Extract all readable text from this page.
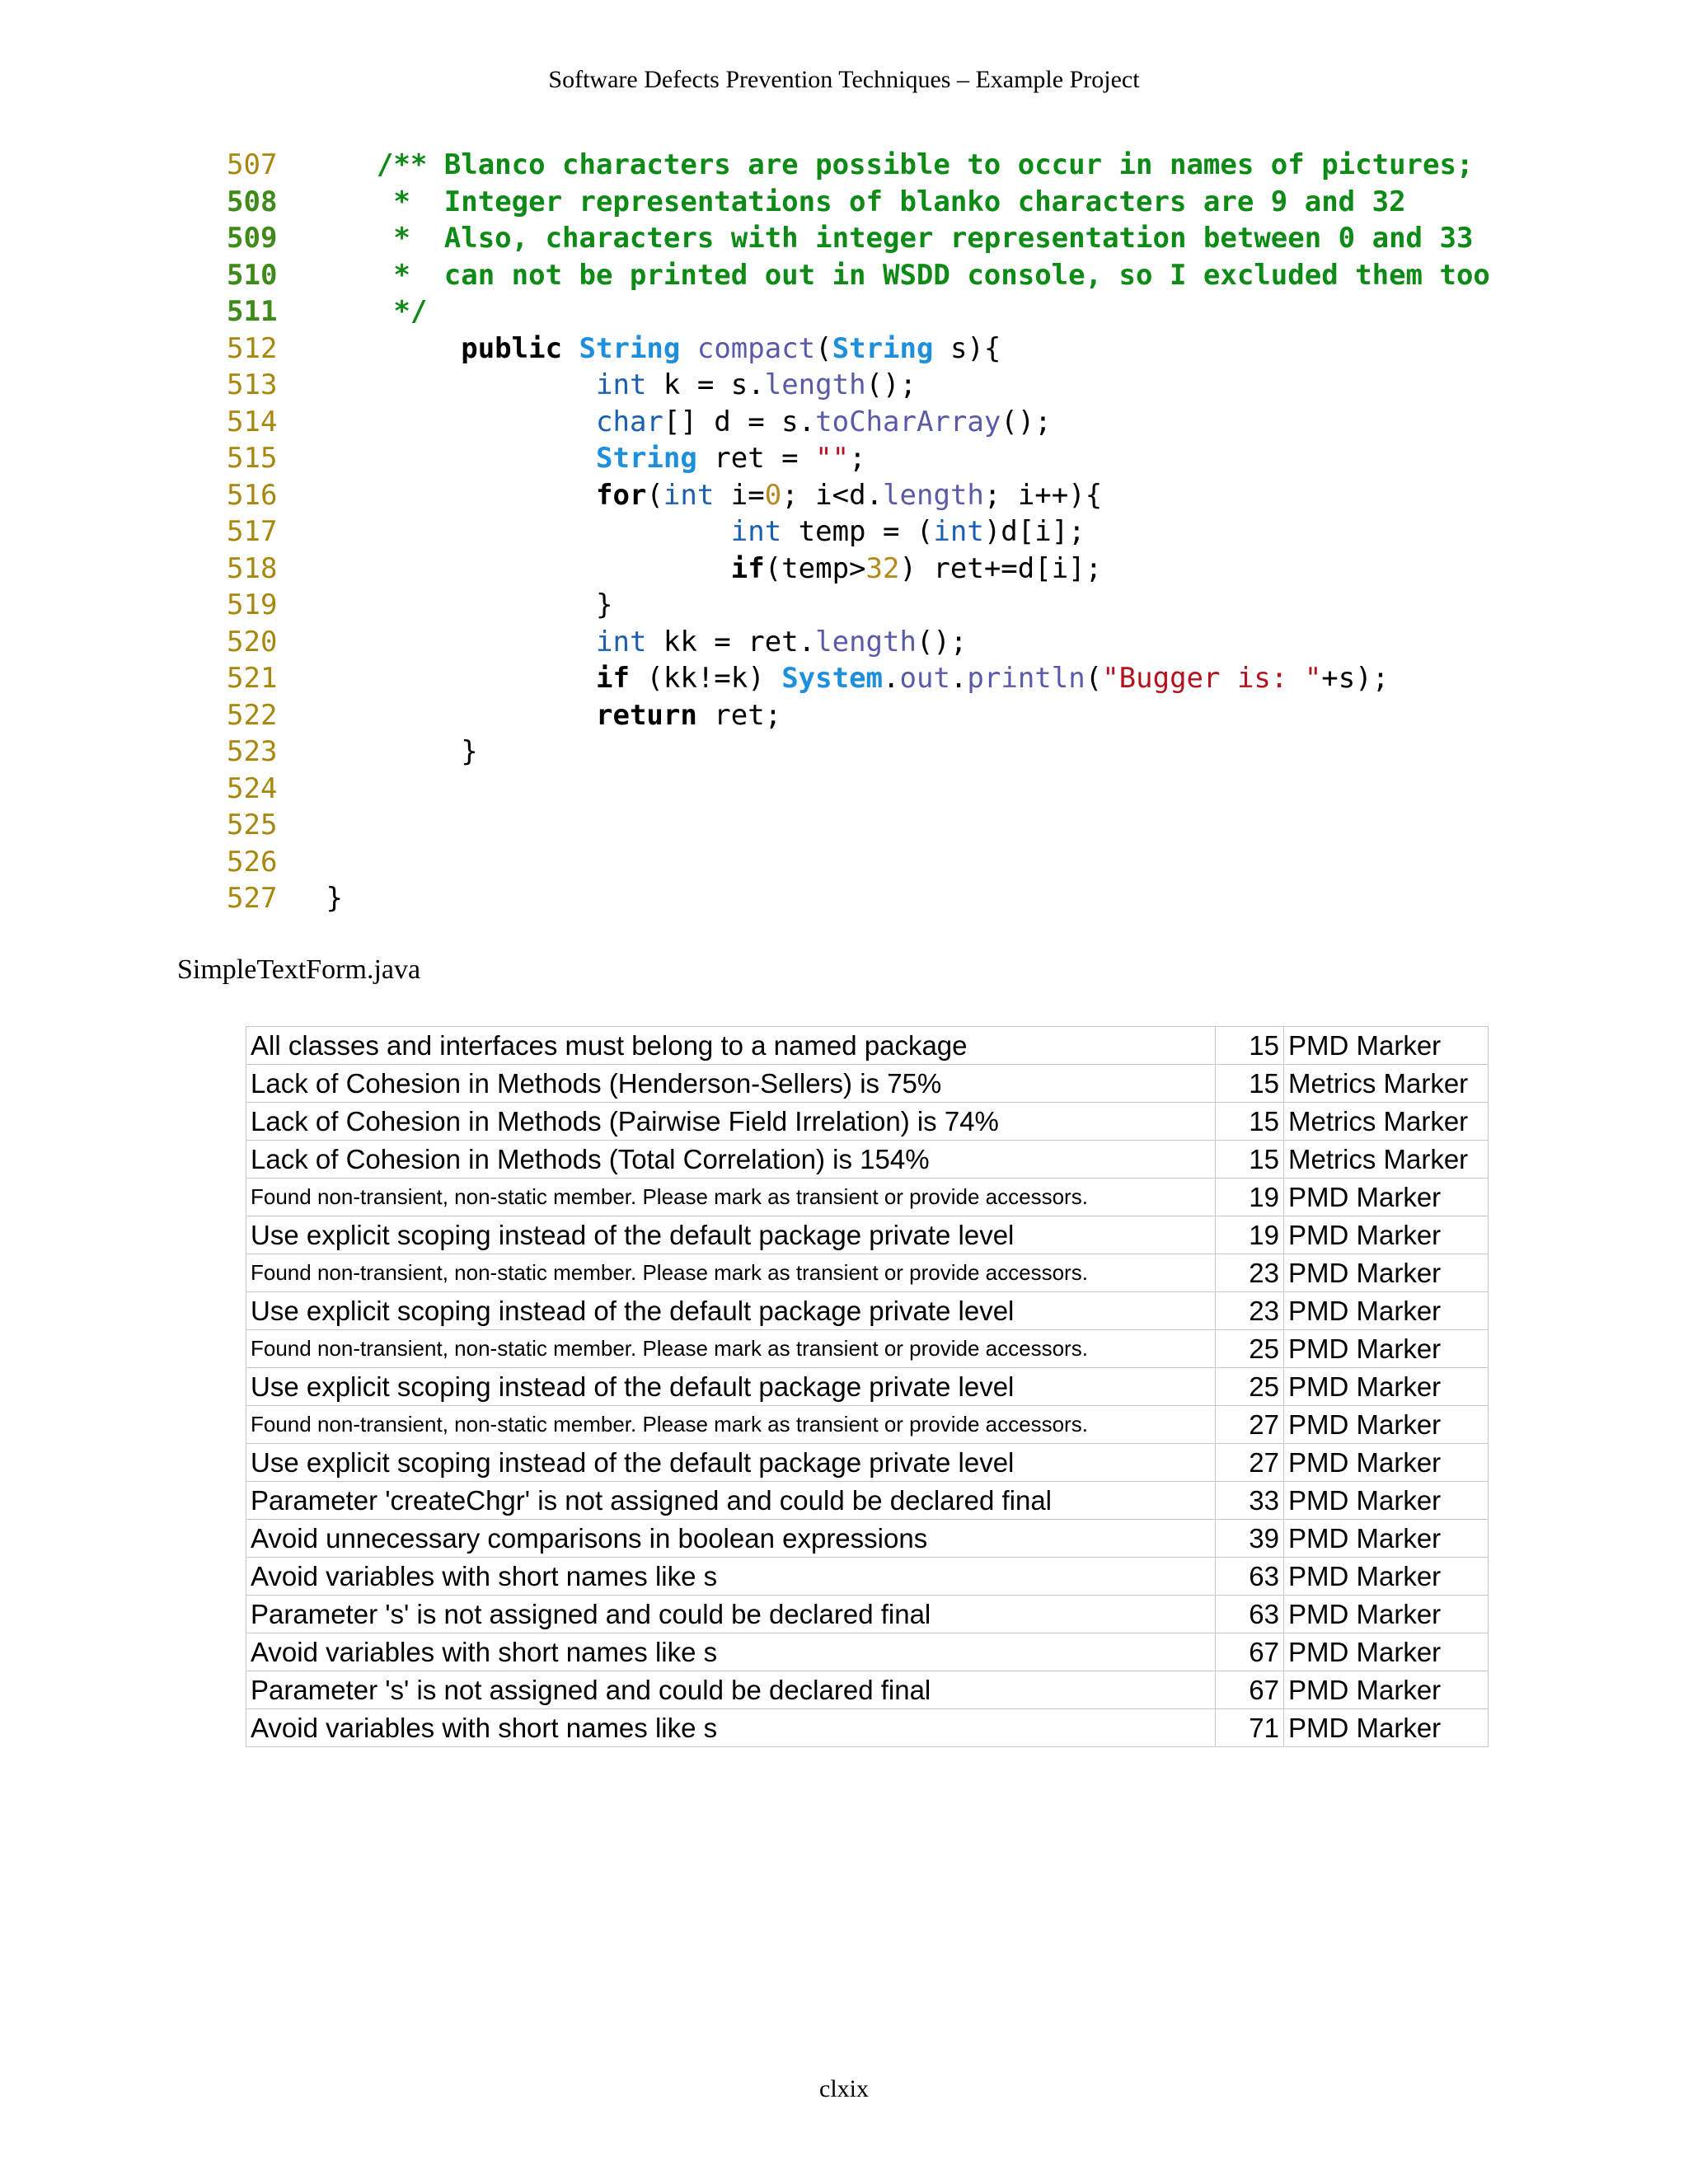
Software Defects Prevention Techniques – Example Project
507	/** Blanco characters are possible to occur in names of pictures;
508	*  Integer representations of blanko characters are 9 and 32
509	*  Also, characters with integer representation between 0 and 33
510	*  can not be printed out in WSDD console, so I excluded them too
511	*/
512	public String compact(String s){
513	int k = s.length();
514	char[] d = s.toCharArray();
515	String ret = "";
516	for(int i=0; i<d.length; i++){
517	int temp = (int)d[i];
518	if(temp>32) ret+=d[i];
519                 }
520	int kk = ret.length();
521	if (kk!=k) System.out.println("Bugger is: "+s);
522	return ret;
523         }
524
525
526
527 }
SimpleTextForm.java
All classes and interfaces must belong to a named package	15	PMD Marker
Lack of Cohesion in Methods (Henderson-Sellers) is 75%	15	Metrics Marker
Lack of Cohesion in Methods (Pairwise Field Irrelation) is 74%	15	Metrics Marker
Lack of Cohesion in Methods (Total Correlation) is 154%	15	Metrics Marker
Found non-transient, non-static member. Please mark as transient or provide accessors.	19	PMD Marker
Use explicit scoping instead of the default package private level	19	PMD Marker
Found non-transient, non-static member. Please mark as transient or provide accessors.	23	PMD Marker
Use explicit scoping instead of the default package private level	23	PMD Marker
Found non-transient, non-static member. Please mark as transient or provide accessors.	25	PMD Marker
Use explicit scoping instead of the default package private level	25	PMD Marker
Found non-transient, non-static member. Please mark as transient or provide accessors.	27	PMD Marker
Use explicit scoping instead of the default package private level	27	PMD Marker
Parameter 'createChgr' is not assigned and could be declared final	33	PMD Marker
Avoid unnecessary comparisons in boolean expressions	39	PMD Marker
Avoid variables with short names like s	63	PMD Marker
Parameter 's' is not assigned and could be declared final	63	PMD Marker
Avoid variables with short names like s	67	PMD Marker
Parameter 's' is not assigned and could be declared final	67	PMD Marker
Avoid variables with short names like s	71	PMD Marker
clxix
